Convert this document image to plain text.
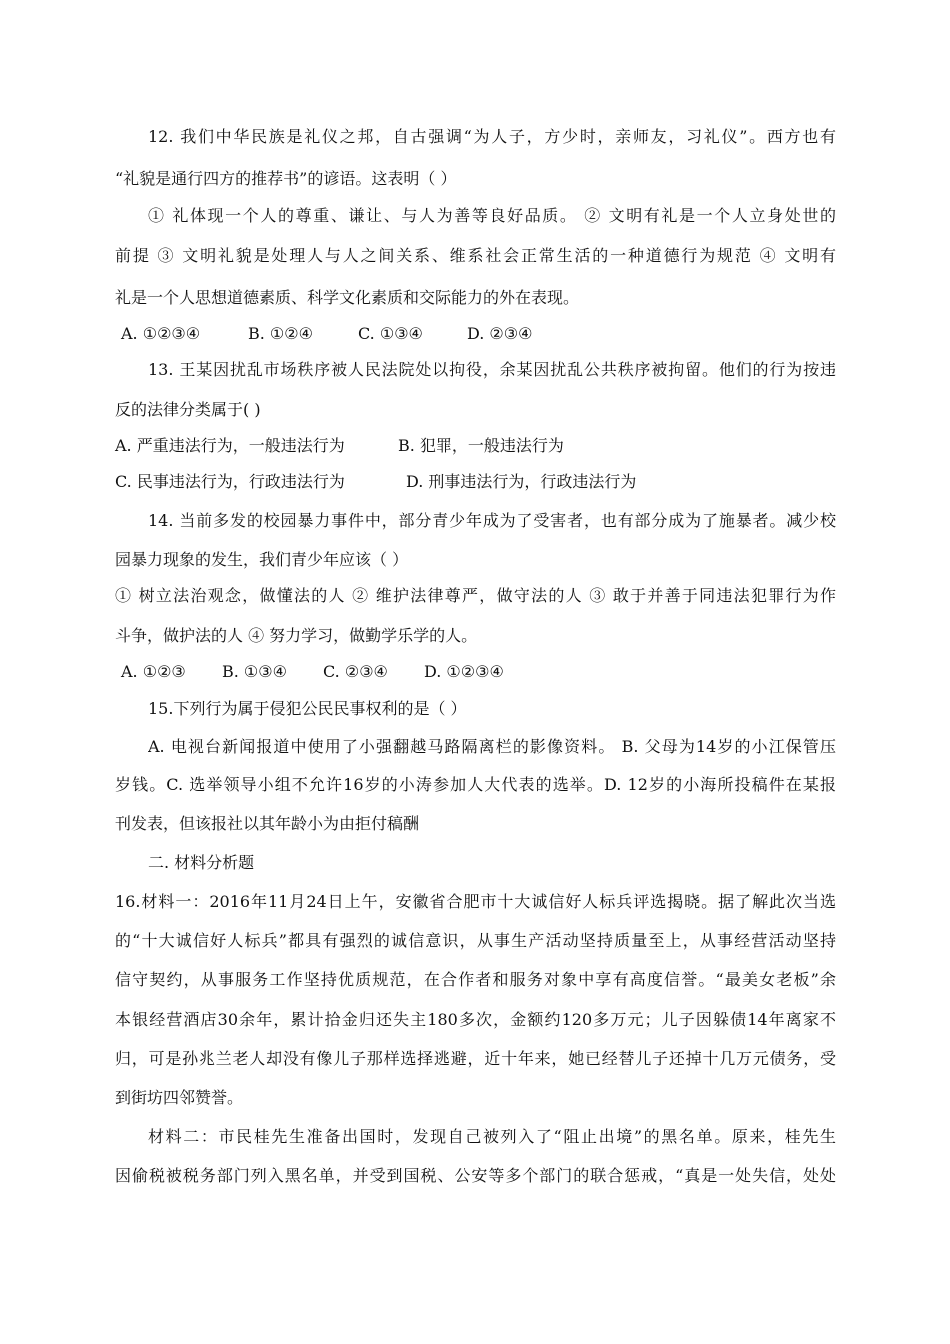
12. 我们中华民族是礼仪之邦，自古强调“为人子，方少时，亲师友，习礼仪”。西方也有
“礼貌是通行四方的推荐书”的谚语。这表明（ ）
① 礼体现一个人的尊重、谦让、与人为善等良好品质。 ② 文明有礼是一个人立身处世的
前提 ③ 文明礼貌是处理人与人之间关系、维系社会正常生活的一种道德行为规范 ④ 文明有
礼是一个人思想道德素质、科学文化素质和交际能力的外在表现。
A. ①②③④	B. ①②④	C. ①③④	D. ②③④
13. 王某因扰乱市场秩序被人民法院处以拘役，余某因扰乱公共秩序被拘留。他们的行为按违
反的法律分类属于( )
A. 严重违法行为，一般违法行为	B. 犯罪，一般违法行为
C. 民事违法行为，行政违法行为	D. 刑事违法行为，行政违法行为
14. 当前多发的校园暴力事件中，部分青少年成为了受害者，也有部分成为了施暴者。减少校
园暴力现象的发生，我们青少年应该（ ）
① 树立法治观念，做懂法的人 ② 维护法律尊严，做守法的人 ③ 敢于并善于同违法犯罪行为作
斗争，做护法的人 ④ 努力学习，做勤学乐学的人。
A. ①②③ B. ①③④ C. ②③④ D. ①②③④
15.下列行为属于侵犯公民民事权利的是（ ）
A. 电视台新闻报道中使用了小强翻越马路隔离栏的影像资料。 B. 父母为14岁的小江保管压
岁钱。C. 选举领导小组不允许16岁的小涛参加人大代表的选举。D. 12岁的小海所投稿件在某报
刊发表，但该报社以其年龄小为由拒付稿酬
二. 材料分析题
16.材料一：2016年11月24日上午，安徽省合肥市十大诚信好人标兵评选揭晓。据了解此次当选
的“十大诚信好人标兵”都具有强烈的诚信意识，从事生产活动坚持质量至上，从事经营活动坚持
信守契约，从事服务工作坚持优质规范，在合作者和服务对象中享有高度信誉。“最美女老板”余
本银经营酒店30余年，累计拾金归还失主180多次，金额约120多万元；儿子因躲债14年离家不
归，可是孙兆兰老人却没有像儿子那样选择逃避，近十年来，她已经替儿子还掉十几万元债务，受
到街坊四邻赞誉。
材料二：市民桂先生准备出国时，发现自己被列入了“阻止出境”的黑名单。原来，桂先生
因偷税被税务部门列入黑名单，并受到国税、公安等多个部门的联合惩戒，“真是一处失信，处处
